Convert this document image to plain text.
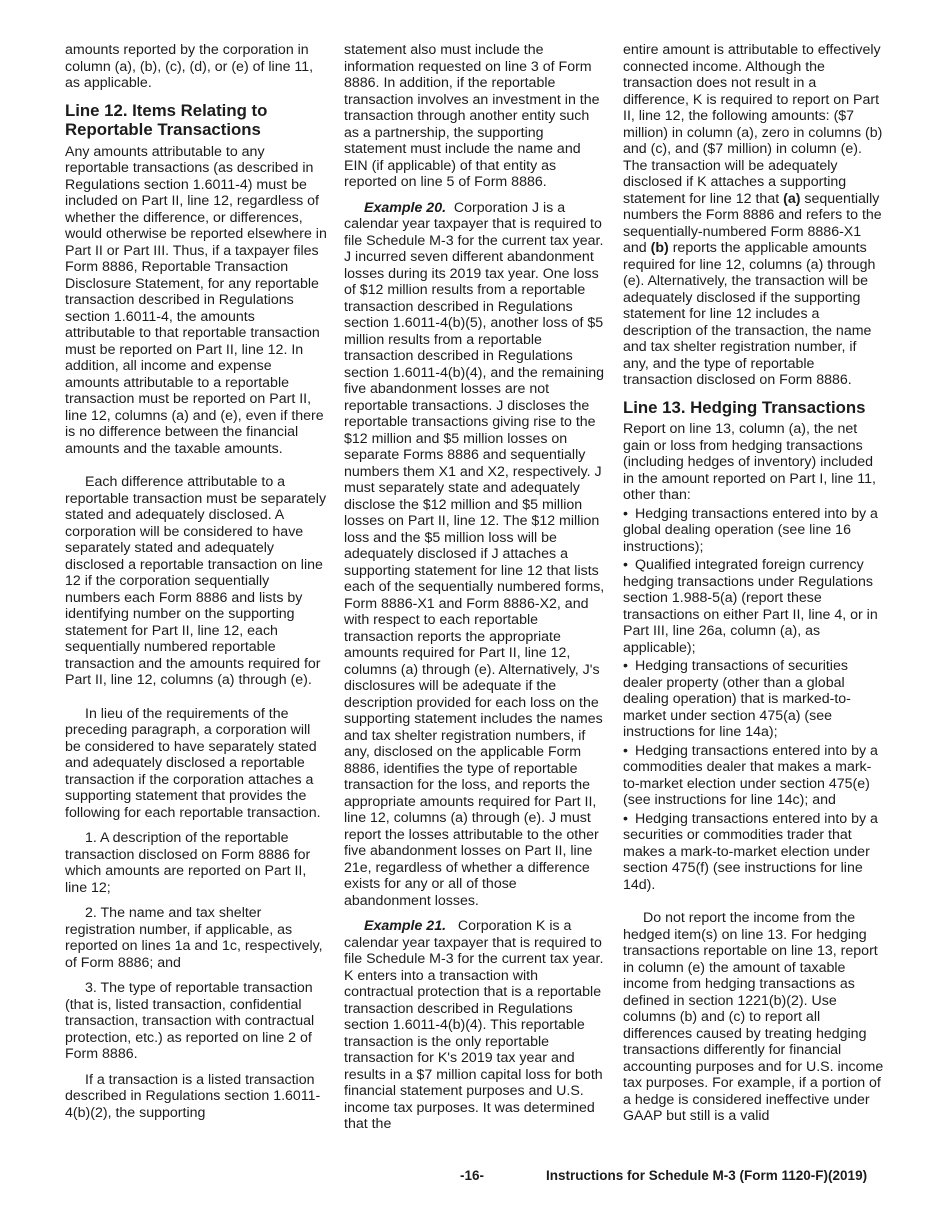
amounts reported by the corporation in column (a), (b), (c), (d), or (e) of line 11, as applicable.

Line 12. Items Relating to Reportable Transactions

Any amounts attributable to any reportable transactions (as described in Regulations section 1.6011-4) must be included on Part II, line 12, regardless of whether the difference, or differences, would otherwise be reported elsewhere in Part II or Part III. Thus, if a taxpayer files Form 8886, Reportable Transaction Disclosure Statement, for any reportable transaction described in Regulations section 1.6011-4, the amounts attributable to that reportable transaction must be reported on Part II, line 12. In addition, all income and expense amounts attributable to a reportable transaction must be reported on Part II, line 12, columns (a) and (e), even if there is no difference between the financial amounts and the taxable amounts.

Each difference attributable to a reportable transaction must be separately stated and adequately disclosed. A corporation will be considered to have separately stated and adequately disclosed a reportable transaction on line 12 if the corporation sequentially numbers each Form 8886 and lists by identifying number on the supporting statement for Part II, line 12, each sequentially numbered reportable transaction and the amounts required for Part II, line 12, columns (a) through (e).

In lieu of the requirements of the preceding paragraph, a corporation will be considered to have separately stated and adequately disclosed a reportable transaction if the corporation attaches a supporting statement that provides the following for each reportable transaction.

1. A description of the reportable transaction disclosed on Form 8886 for which amounts are reported on Part II, line 12;

2. The name and tax shelter registration number, if applicable, as reported on lines 1a and 1c, respectively, of Form 8886; and

3. The type of reportable transaction (that is, listed transaction, confidential transaction, transaction with contractual protection, etc.) as reported on line 2 of Form 8886.

If a transaction is a listed transaction described in Regulations section 1.6011-4(b)(2), the supporting

statement also must include the information requested on line 3 of Form 8886. In addition, if the reportable transaction involves an investment in the transaction through another entity such as a partnership, the supporting statement must include the name and EIN (if applicable) of that entity as reported on line 5 of Form 8886.

Example 20. Corporation J is a calendar year taxpayer that is required to file Schedule M-3 for the current tax year. J incurred seven different abandonment losses during its 2019 tax year. One loss of $12 million results from a reportable transaction described in Regulations section 1.6011-4(b)(5), another loss of $5 million results from a reportable transaction described in Regulations section 1.6011-4(b)(4), and the remaining five abandonment losses are not reportable transactions. J discloses the reportable transactions giving rise to the $12 million and $5 million losses on separate Forms 8886 and sequentially numbers them X1 and X2, respectively. J must separately state and adequately disclose the $12 million and $5 million losses on Part II, line 12. The $12 million loss and the $5 million loss will be adequately disclosed if J attaches a supporting statement for line 12 that lists each of the sequentially numbered forms, Form 8886-X1 and Form 8886-X2, and with respect to each reportable transaction reports the appropriate amounts required for Part II, line 12, columns (a) through (e). Alternatively, J's disclosures will be adequate if the description provided for each loss on the supporting statement includes the names and tax shelter registration numbers, if any, disclosed on the applicable Form 8886, identifies the type of reportable transaction for the loss, and reports the appropriate amounts required for Part II, line 12, columns (a) through (e). J must report the losses attributable to the other five abandonment losses on Part II, line 21e, regardless of whether a difference exists for any or all of those abandonment losses.

Example 21. Corporation K is a calendar year taxpayer that is required to file Schedule M-3 for the current tax year. K enters into a transaction with contractual protection that is a reportable transaction described in Regulations section 1.6011-4(b)(4). This reportable transaction is the only reportable transaction for K's 2019 tax year and results in a $7 million capital loss for both financial statement purposes and U.S. income tax purposes. It was determined that the

entire amount is attributable to effectively connected income. Although the transaction does not result in a difference, K is required to report on Part II, line 12, the following amounts: ($7 million) in column (a), zero in columns (b) and (c), and ($7 million) in column (e). The transaction will be adequately disclosed if K attaches a supporting statement for line 12 that (a) sequentially numbers the Form 8886 and refers to the sequentially-numbered Form 8886-X1 and (b) reports the applicable amounts required for line 12, columns (a) through (e). Alternatively, the transaction will be adequately disclosed if the supporting statement for line 12 includes a description of the transaction, the name and tax shelter registration number, if any, and the type of reportable transaction disclosed on Form 8886.

Line 13. Hedging Transactions

Report on line 13, column (a), the net gain or loss from hedging transactions (including hedges of inventory) included in the amount reported on Part I, line 11, other than:

• Hedging transactions entered into by a global dealing operation (see line 16 instructions);
• Qualified integrated foreign currency hedging transactions under Regulations section 1.988-5(a) (report these transactions on either Part II, line 4, or in Part III, line 26a, column (a), as applicable);
• Hedging transactions of securities dealer property (other than a global dealing operation) that is marked-to-market under section 475(a) (see instructions for line 14a);
• Hedging transactions entered into by a commodities dealer that makes a mark-to-market election under section 475(e) (see instructions for line 14c); and
• Hedging transactions entered into by a securities or commodities trader that makes a mark-to-market election under section 475(f) (see instructions for line 14d).

Do not report the income from the hedged item(s) on line 13. For hedging transactions reportable on line 13, report in column (e) the amount of taxable income from hedging transactions as defined in section 1221(b)(2). Use columns (b) and (c) to report all differences caused by treating hedging transactions differently for financial accounting purposes and for U.S. income tax purposes. For example, if a portion of a hedge is considered ineffective under GAAP but still is a valid

-16-	Instructions for Schedule M-3 (Form 1120-F)(2019)
